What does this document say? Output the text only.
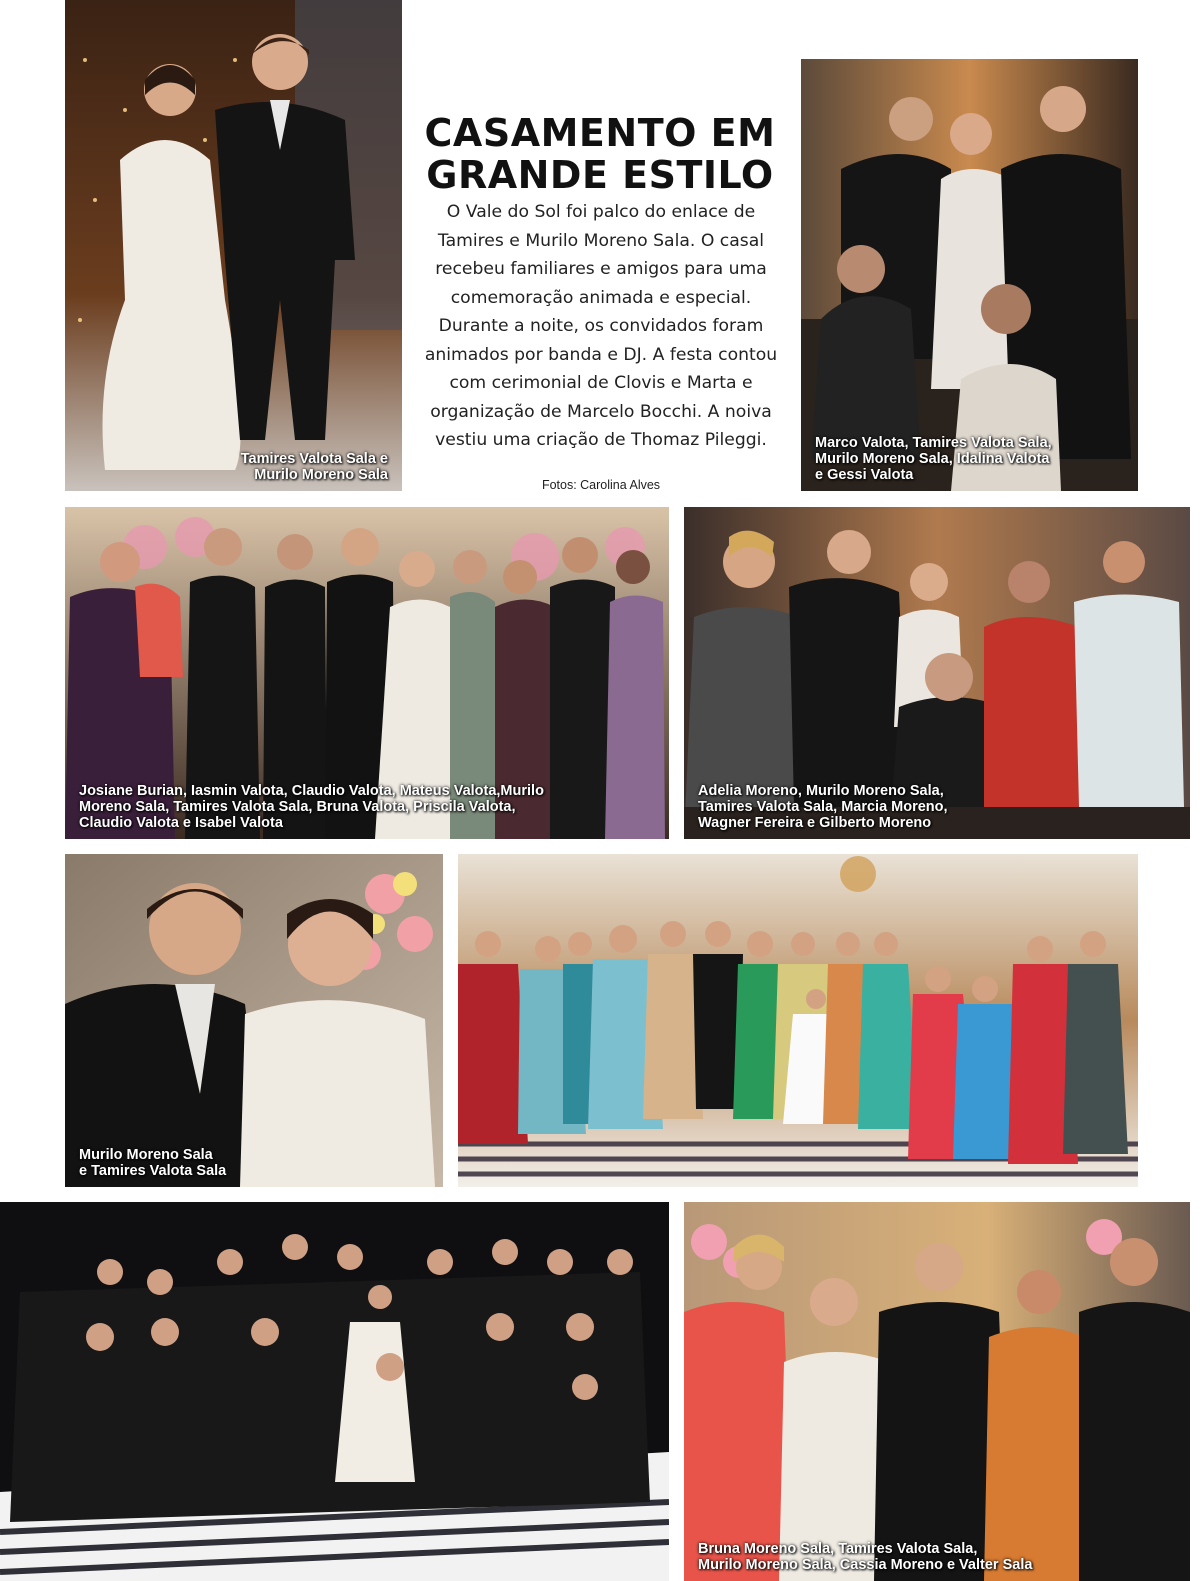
CASAMENTO EM
GRANDE ESTILO
O Vale do Sol foi palco do enlace de Tamires e Murilo Moreno Sala. O casal recebeu familiares e amigos para uma comemoração animada e especial. Durante a noite, os convidados foram animados por banda e DJ. A festa contou com cerimonial de Clovis e Marta e organização de Marcelo Bocchi. A noiva vestiu uma criação de Thomaz Pileggi.
Fotos: Carolina Alves
Tamires Valota Sala e
Murilo Moreno Sala
Marco Valota, Tamires Valota Sala,
Murilo Moreno Sala, Idalina Valota
e Gessi Valota
Josiane Burian, Iasmin Valota, Claudio Valota, Mateus Valota,Murilo
Moreno Sala, Tamires Valota Sala, Bruna Valota, Priscila Valota,
Claudio Valota e Isabel Valota
Adelia Moreno, Murilo Moreno Sala,
Tamires Valota Sala, Marcia Moreno,
Wagner Fereira e Gilberto Moreno
Murilo Moreno Sala
e Tamires Valota Sala
Bruna Moreno Sala, Tamires Valota Sala,
Murilo Moreno Sala, Cassia Moreno e Valter Sala
